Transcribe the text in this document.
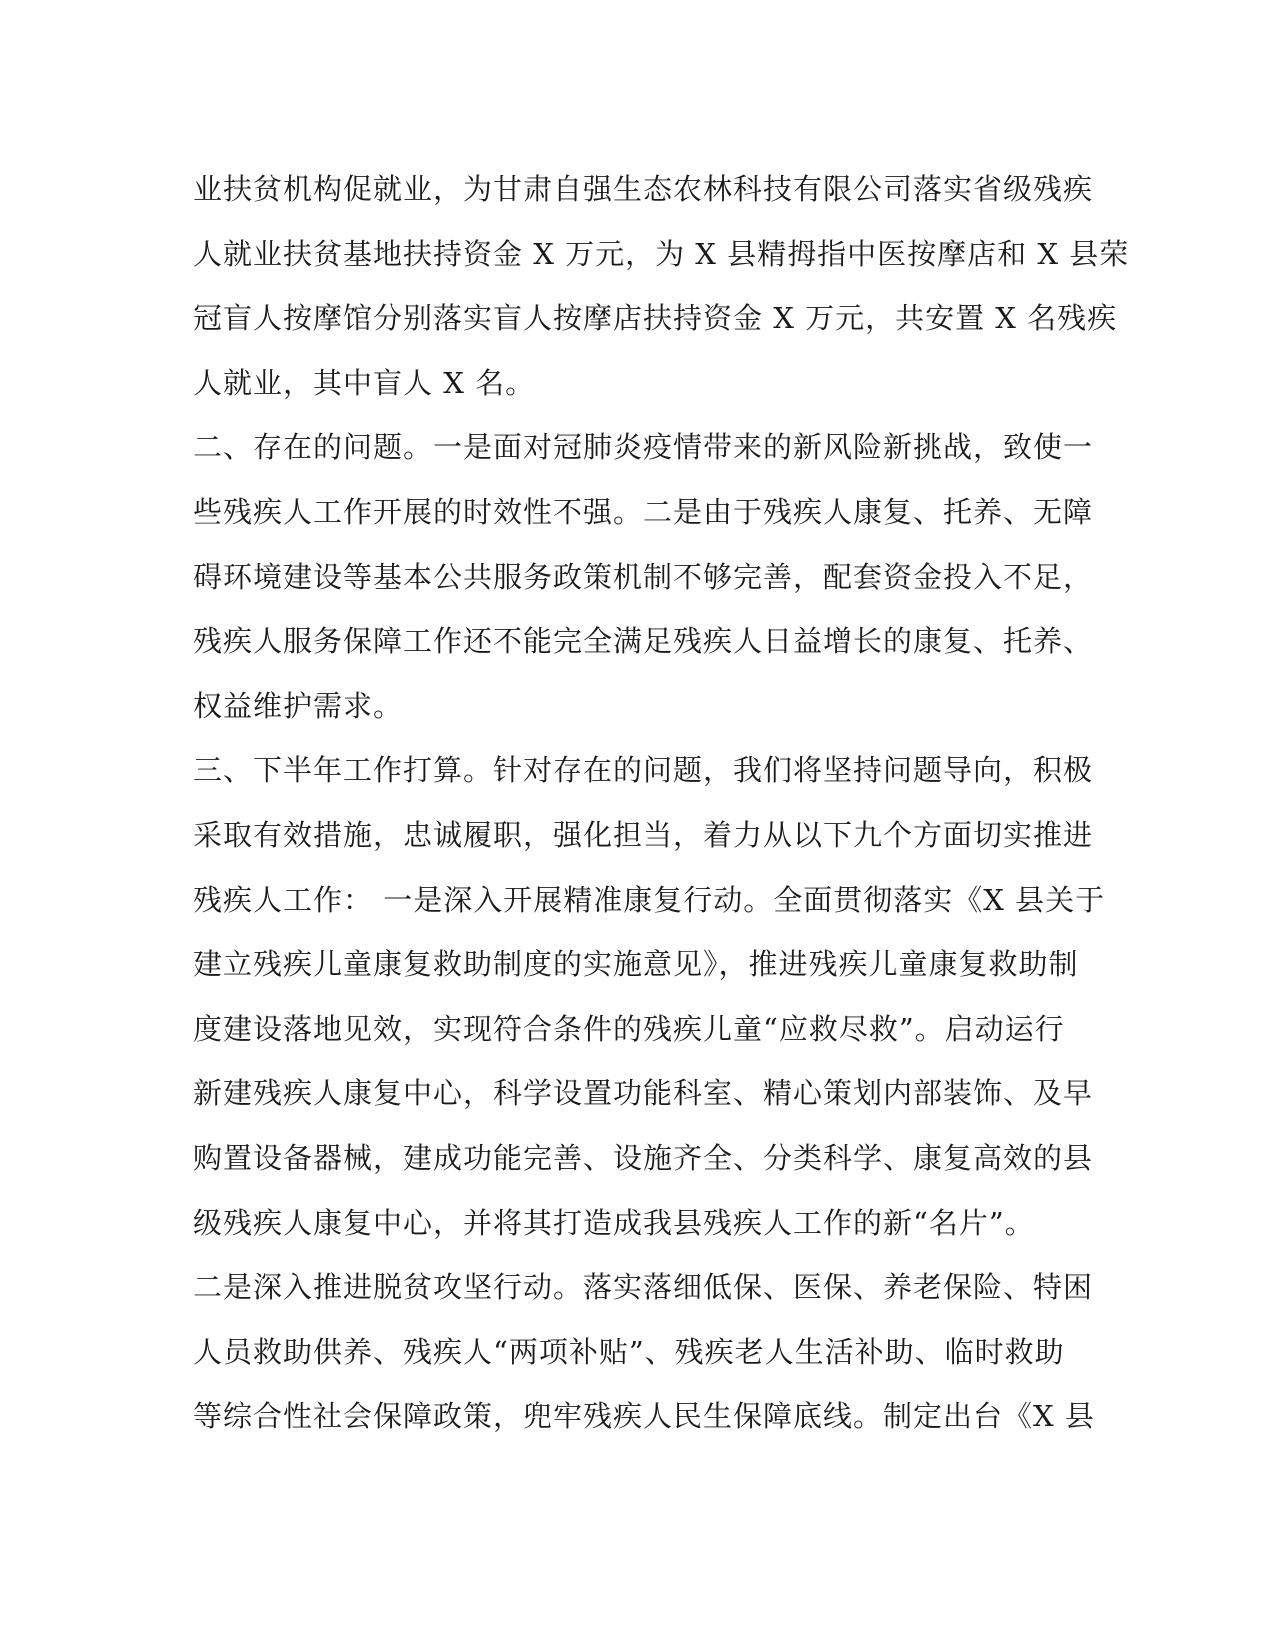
业扶贫机构促就业，为甘肃自强生态农林科技有限公司落实省级残疾
人就业扶贫基地扶持资金 X 万元，为 X 县精拇指中医按摩店和 X 县荣
冠盲人按摩馆分别落实盲人按摩店扶持资金 X 万元，共安置 X 名残疾
人就业，其中盲人 X 名。
二、存在的问题。一是面对冠肺炎疫情带来的新风险新挑战，致使一
些残疾人工作开展的时效性不强。二是由于残疾人康复、托养、无障
碍环境建设等基本公共服务政策机制不够完善，配套资金投入不足，
残疾人服务保障工作还不能完全满足残疾人日益增长的康复、托养、
权益维护需求。
三、下半年工作打算。针对存在的问题，我们将坚持问题导向，积极
采取有效措施，忠诚履职，强化担当，着力从以下九个方面切实推进
残疾人工作： 一是深入开展精准康复行动。全面贯彻落实《X 县关于
建立残疾儿童康复救助制度的实施意见》，推进残疾儿童康复救助制
度建设落地见效，实现符合条件的残疾儿童“应救尽救”。启动运行
新建残疾人康复中心，科学设置功能科室、精心策划内部装饰、及早
购置设备器械，建成功能完善、设施齐全、分类科学、康复高效的县
级残疾人康复中心，并将其打造成我县残疾人工作的新“名片”。
二是深入推进脱贫攻坚行动。落实落细低保、医保、养老保险、特困
人员救助供养、残疾人“两项补贴”、残疾老人生活补助、临时救助
等综合性社会保障政策，兜牢残疾人民生保障底线。制定出台《X 县
